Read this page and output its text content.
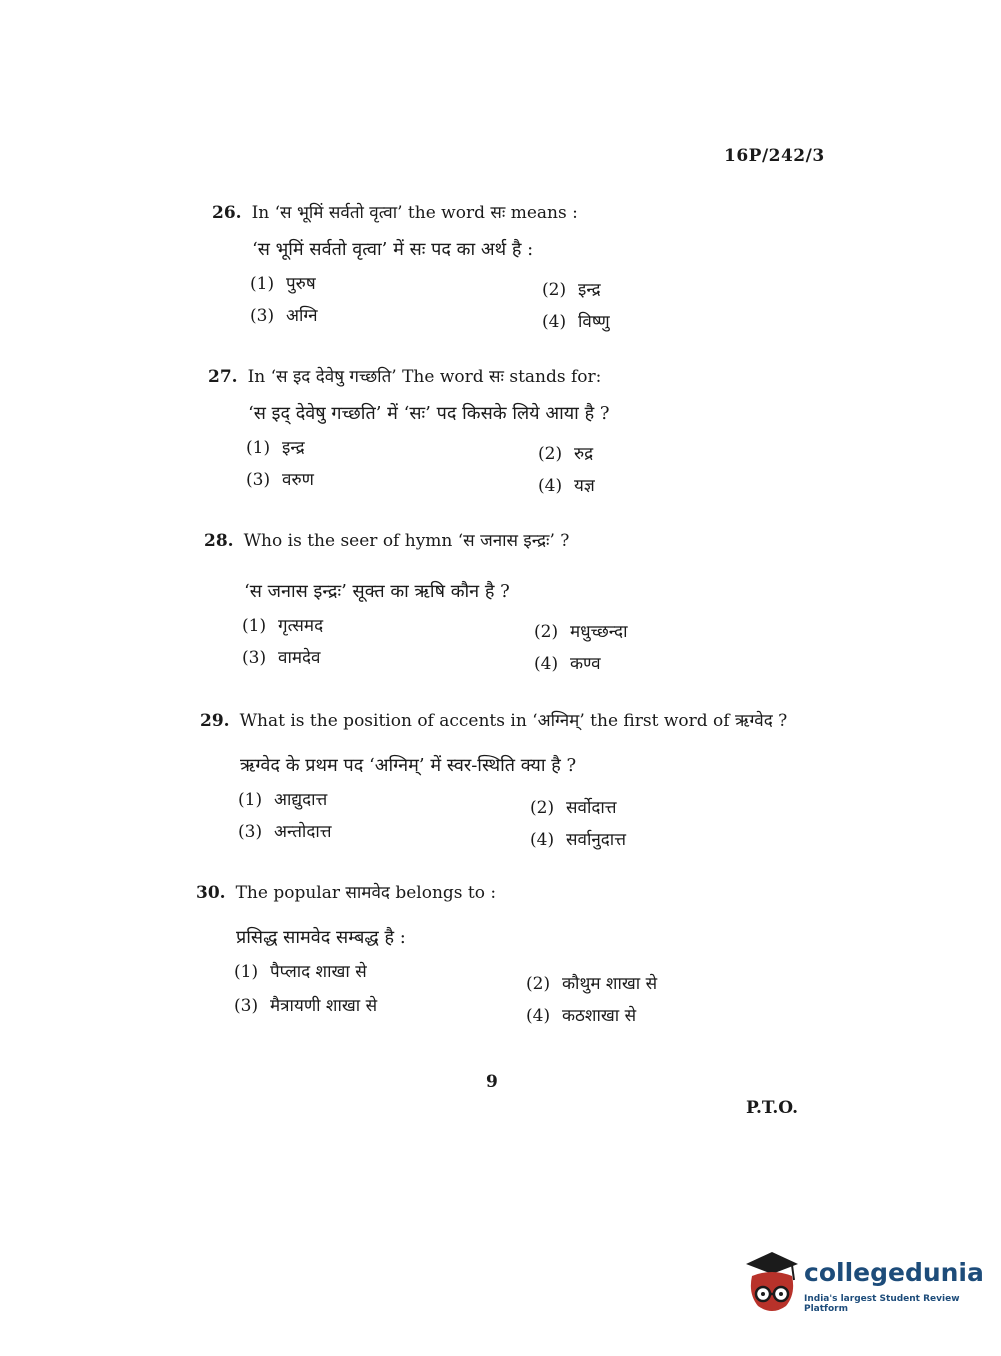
16P/242/3
26. In ‘स भूमिं सर्वतो वृत्वा’ the word सः means :
‘स भूमिं सर्वतो वृत्वा’ में सः पद का अर्थ है :
(1) पुरुष	(2) इन्द्र
(3) अग्नि	(4) विष्णु
27. In ‘स इद देवेषु गच्छति’ The word सः stands for:
‘स इद् देवेषु गच्छति’ में ‘सः’ पद किसके लिये आया है ?
(1) इन्द्र	(2) रुद्र
(3) वरुण	(4) यज्ञ
28. Who is the seer of hymn ‘स जनास इन्द्रः’ ?
‘स जनास इन्द्रः’ सूक्त का ऋषि कौन है ?
(1) गृत्समद	(2) मधुच्छन्दा
(3) वामदेव	(4) कण्व
29. What is the position of accents in ‘अग्निम्’ the first word of ऋग्वेद ?
ऋग्वेद के प्रथम पद ‘अग्निम्’ में स्वर-स्थिति क्या है ?
(1) आद्युदात्त	(2) सर्वोदात्त
(3) अन्तोदात्त	(4) सर्वानुदात्त
30. The popular सामवेद belongs to :
प्रसिद्ध सामवेद सम्बद्ध है :
(1) पैप्लाद शाखा से
(2) कौथुम शाखा से
(3) मैत्रायणी शाखा से	(4) कठशाखा से
9
P.T.O.
collegedunia
India's largest Student Review Platform
